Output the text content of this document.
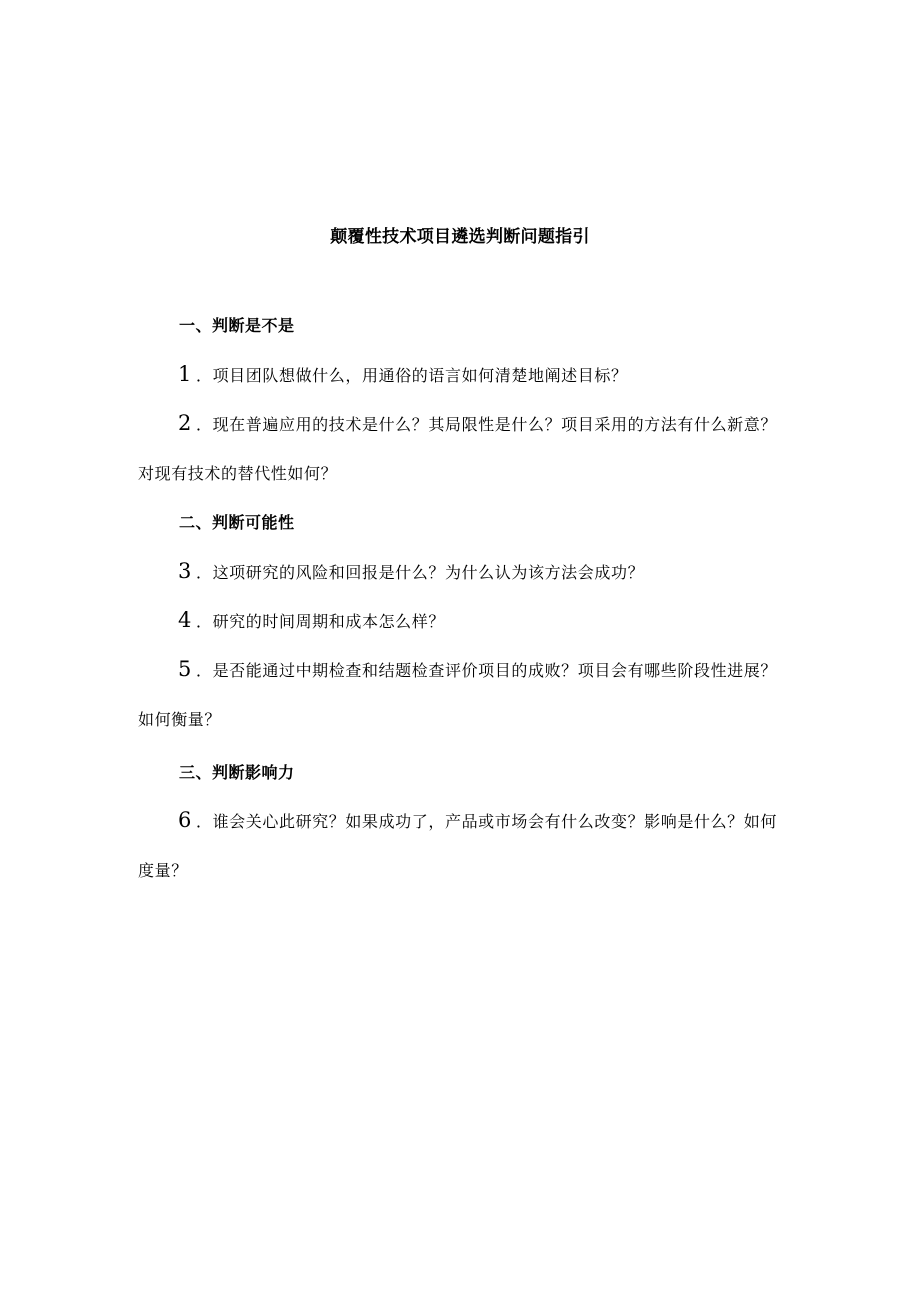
颠覆性技术项目遴选判断问题指引
一、判断是不是
1 ．项目团队想做什么，用通俗的语言如何清楚地阐述目标？
2 ．现在普遍应用的技术是什么？其局限性是什么？项目采用的方法有什么新意？对现有技术的替代性如何？
二、判断可能性
3 ．这项研究的风险和回报是什么？为什么认为该方法会成功？
4 ．研究的时间周期和成本怎么样？
5 ．是否能通过中期检查和结题检查评价项目的成败？项目会有哪些阶段性进展？如何衡量？
三、判断影响力
6 ．谁会关心此研究？如果成功了，产品或市场会有什么改变？影响是什么？如何度量？
